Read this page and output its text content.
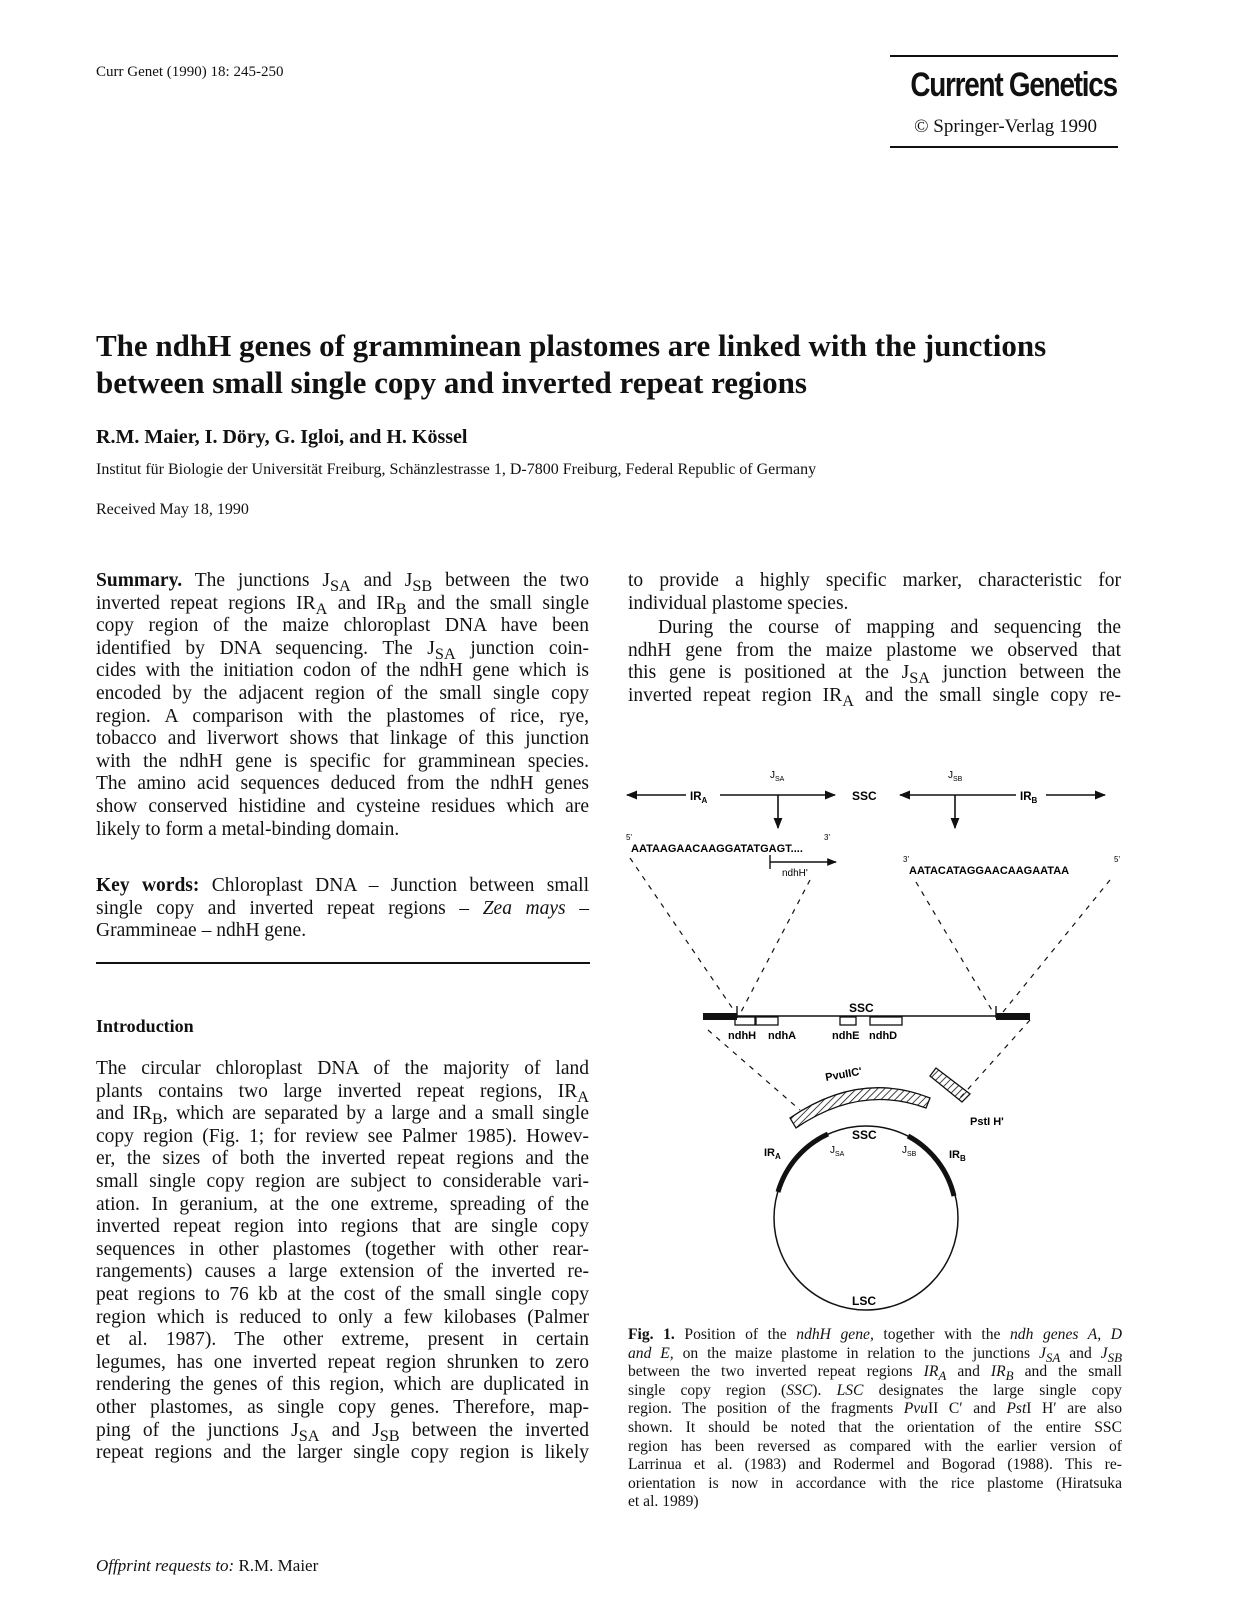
Curr Genet (1990) 18: 245-250	Current Genetics
© Springer-Verlag 1990
The ndhH genes of gramminean plastomes are linked with the junctions between small single copy and inverted repeat regions
R.M. Maier, I. Döry, G. Igloi, and H. Kössel
Institut für Biologie der Universität Freiburg, Schänzlestrasse 1, D-7800 Freiburg, Federal Republic of Germany
Received May 18, 1990
Summary. The junctions $J_{SA}$ and $J_{SB}$ between the two
inverted repeat regions $IR_A$ and $IR_B$ and the small single
copy region of the maize chloroplast DNA have been
identified by DNA sequencing. The $J_{SA}$ junction coin-
cides with the initiation codon of the ndhH gene which is
encoded by the adjacent region of the small single copy
region. A comparison with the plastomes of rice, rye,
tobacco and liverwort shows that linkage of this junction
with the ndhH gene is specific for gramminean species.
The amino acid sequences deduced from the ndhH genes
show conserved histidine and cysteine residues which are
likely to form a metal-binding domain.
Key words: Chloroplast DNA – Junction between small
single copy and inverted repeat regions – Zea mays –
Gramminеae – ndhH gene.
Introduction
The circular chloroplast DNA of the majority of land
plants contains two large inverted repeat regions, $IR_A$
and $IR_B$, which are separated by a large and a small single
copy region (Fig. 1; for review see Palmer 1985). Howev-
er, the sizes of both the inverted repeat regions and the
small single copy region are subject to considerable vari-
ation. In geranium, at the one extreme, spreading of the
inverted repeat region into regions that are single copy
sequences in other plastomes (together with other rear-
rangements) causes a large extension of the inverted re-
peat regions to 76 kb at the cost of the small single copy
region which is reduced to only a few kilobases (Palmer
et al. 1987). The other extreme, present in certain
legumes, has one inverted repeat region shrunken to zero
rendering the genes of this region, which are duplicated in
other plastomes, as single copy genes. Therefore, map-
ping of the junctions $J_{SA}$ and $J_{SB}$ between the inverted
repeat regions and the larger single copy region is likely
Offprint requests to: R.M. Maier
to provide a highly specific marker, characteristic for
individual plastome species.
During the course of mapping and sequencing the
ndhH gene from the maize plastome we observed that
this gene is positioned at the $J_{SA}$ junction between the
inverted repeat region $IR_A$ and the small single copy re-
$IR_A$	SSC	$IR_B$
$J_{SA}$	$J_{SB}$
5'
AATAAGAACAAGGATATGAGT....
3'
ndhH'
3'
AATACATAGGAACAAGAATAA
5'
SSC
ndhH ndhA	ndhE ndhD
PvuIIC'
PstI H'
SSC
LSC
$IR_A$
$J_{SA}$	$J_{SB}$	$IR_B$
Fig. 1. Position of the ndhH gene, together with the ndh genes A, D
and E, on the maize plastome in relation to the junctions $J_{SA}$ and $J_{SB}$
between the two inverted repeat regions $IR_A$ and $IR_B$ and the small
single copy region (SSC). LSC designates the large single copy
region. The position of the fragments PvuII C′ and PstI H′ are also
shown. It should be noted that the orientation of the entire SSC
region has been reversed as compared with the earlier version of
Larrinua et al. (1983) and Rodermel and Bogorad (1988). This re-
orientation is now in accordance with the rice plastome (Hiratsuka
et al. 1989)
